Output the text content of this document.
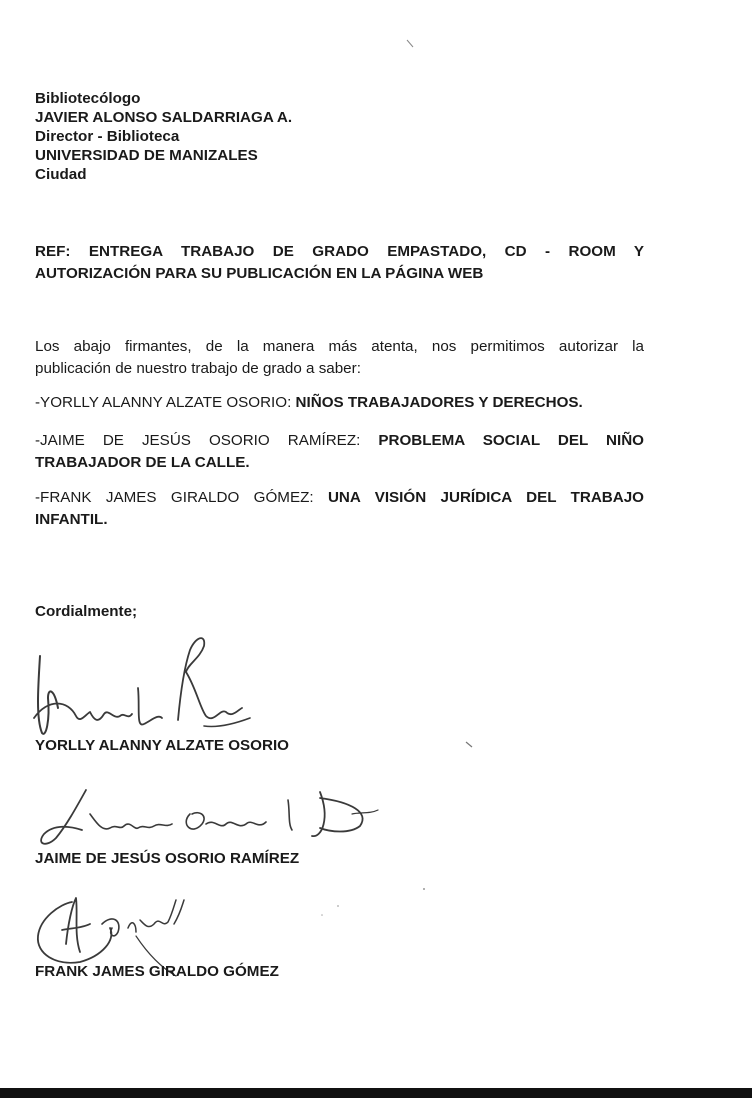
Bibliotecólogo
JAVIER ALONSO SALDARRIAGA A.
Director - Biblioteca
UNIVERSIDAD DE MANIZALES
Ciudad
REF: ENTREGA TRABAJO DE GRADO EMPASTADO, CD - ROOM Y
AUTORIZACIÓN PARA SU PUBLICACIÓN EN LA PÁGINA WEB
Los abajo firmantes, de la manera más atenta, nos permitimos autorizar la
publicación de nuestro trabajo de grado a saber:
-YORLLY ALANNY ALZATE OSORIO: NIÑOS TRABAJADORES Y DERECHOS.
-JAIME DE JESÚS OSORIO RAMÍREZ: PROBLEMA SOCIAL DEL NIÑO
TRABAJADOR DE LA CALLE.
-FRANK JAMES GIRALDO GÓMEZ: UNA VISIÓN JURÍDICA DEL TRABAJO
INFANTIL.
Cordialmente;
YORLLY ALANNY ALZATE OSORIO
JAIME DE JESÚS OSORIO RAMÍREZ
FRANK JAMES GIRALDO GÓMEZ
